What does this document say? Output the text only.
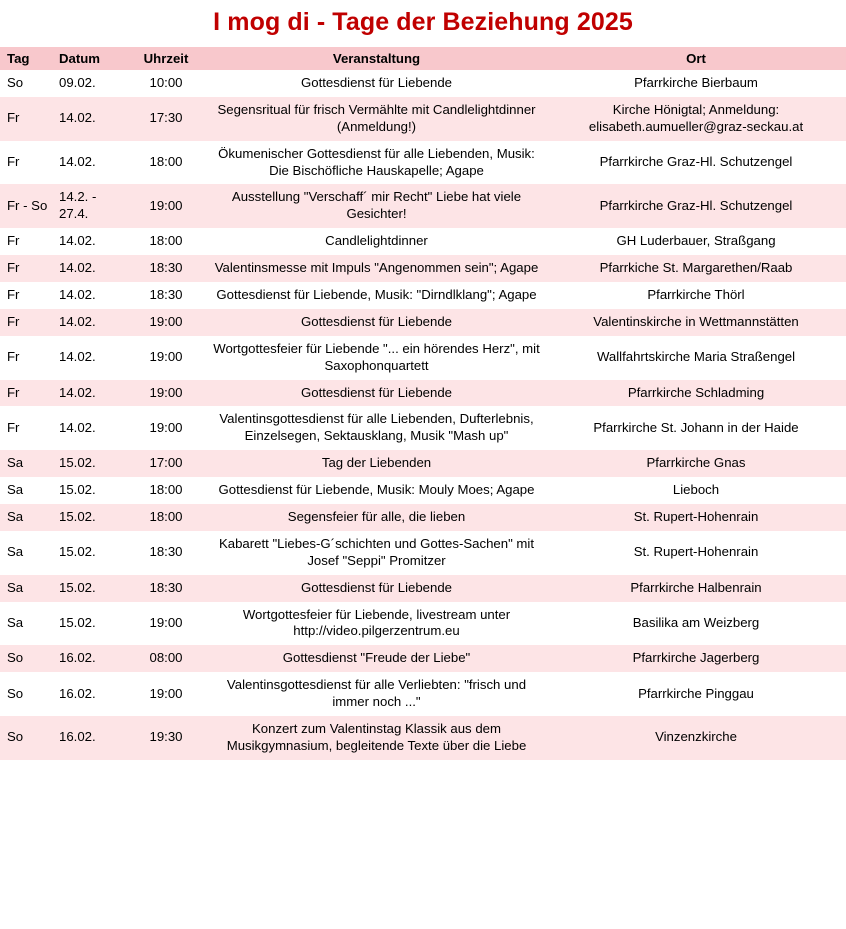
I mog di - Tage der Beziehung 2025
Tag	Datum	Uhrzeit	Veranstaltung	Ort
So	09.02.	10:00	Gottesdienst für Liebende	Pfarrkirche Bierbaum
Fr	14.02.	17:30	Segensritual für frisch Vermählte mit Candlelightdinner (Anmeldung!)	Kirche Hönigtal; Anmeldung: elisabeth.aumueller@graz-seckau.at
Fr	14.02.	18:00	Ökumenischer Gottesdienst für alle Liebenden, Musik: Die Bischöfliche Hauskapelle; Agape	Pfarrkirche Graz-Hl. Schutzengel
Fr - So	14.2. - 27.4.	19:00	Ausstellung "Verschaff´ mir Recht" Liebe hat viele Gesichter!	Pfarrkirche Graz-Hl. Schutzengel
Fr	14.02.	18:00	Candlelightdinner	GH Luderbauer, Straßgang
Fr	14.02.	18:30	Valentinsmesse mit Impuls "Angenommen sein"; Agape	Pfarrkiche St. Margarethen/Raab
Fr	14.02.	18:30	Gottesdienst für Liebende, Musik: "Dirndlklang"; Agape	Pfarrkirche Thörl
Fr	14.02.	19:00	Gottesdienst für Liebende	Valentinskirche in Wettmannstätten
Fr	14.02.	19:00	Wortgottesfeier für Liebende "... ein hörendes Herz", mit Saxophonquartett	Wallfahrtskirche Maria Straßengel
Fr	14.02.	19:00	Gottesdienst für Liebende	Pfarrkirche Schladming
Fr	14.02.	19:00	Valentinsgottesdienst für alle Liebenden, Dufterlebnis, Einzelsegen, Sektausklang, Musik "Mash up"	Pfarrkirche St. Johann in der Haide
Sa	15.02.	17:00	Tag der Liebenden	Pfarrkirche Gnas
Sa	15.02.	18:00	Gottesdienst für Liebende, Musik: Mouly Moes; Agape	Lieboch
Sa	15.02.	18:00	Segensfeier für alle, die lieben	St. Rupert-Hohenrain
Sa	15.02.	18:30	Kabarett "Liebes-G´schichten und Gottes-Sachen" mit Josef "Seppi" Promitzer	St. Rupert-Hohenrain
Sa	15.02.	18:30	Gottesdienst für Liebende	Pfarrkirche Halbenrain
Sa	15.02.	19:00	Wortgottesfeier für Liebende, livestream unter http://video.pilgerzentrum.eu	Basilika am Weizberg
So	16.02.	08:00	Gottesdienst "Freude der Liebe"	Pfarrkirche Jagerberg
So	16.02.	19:00	Valentinsgottesdienst für alle Verliebten: "frisch und immer noch ..."	Pfarrkirche Pinggau
So	16.02.	19:30	Konzert zum Valentinstag Klassik aus dem Musikgymnasium, begleitende Texte über die Liebe	Vinzenzkirche
